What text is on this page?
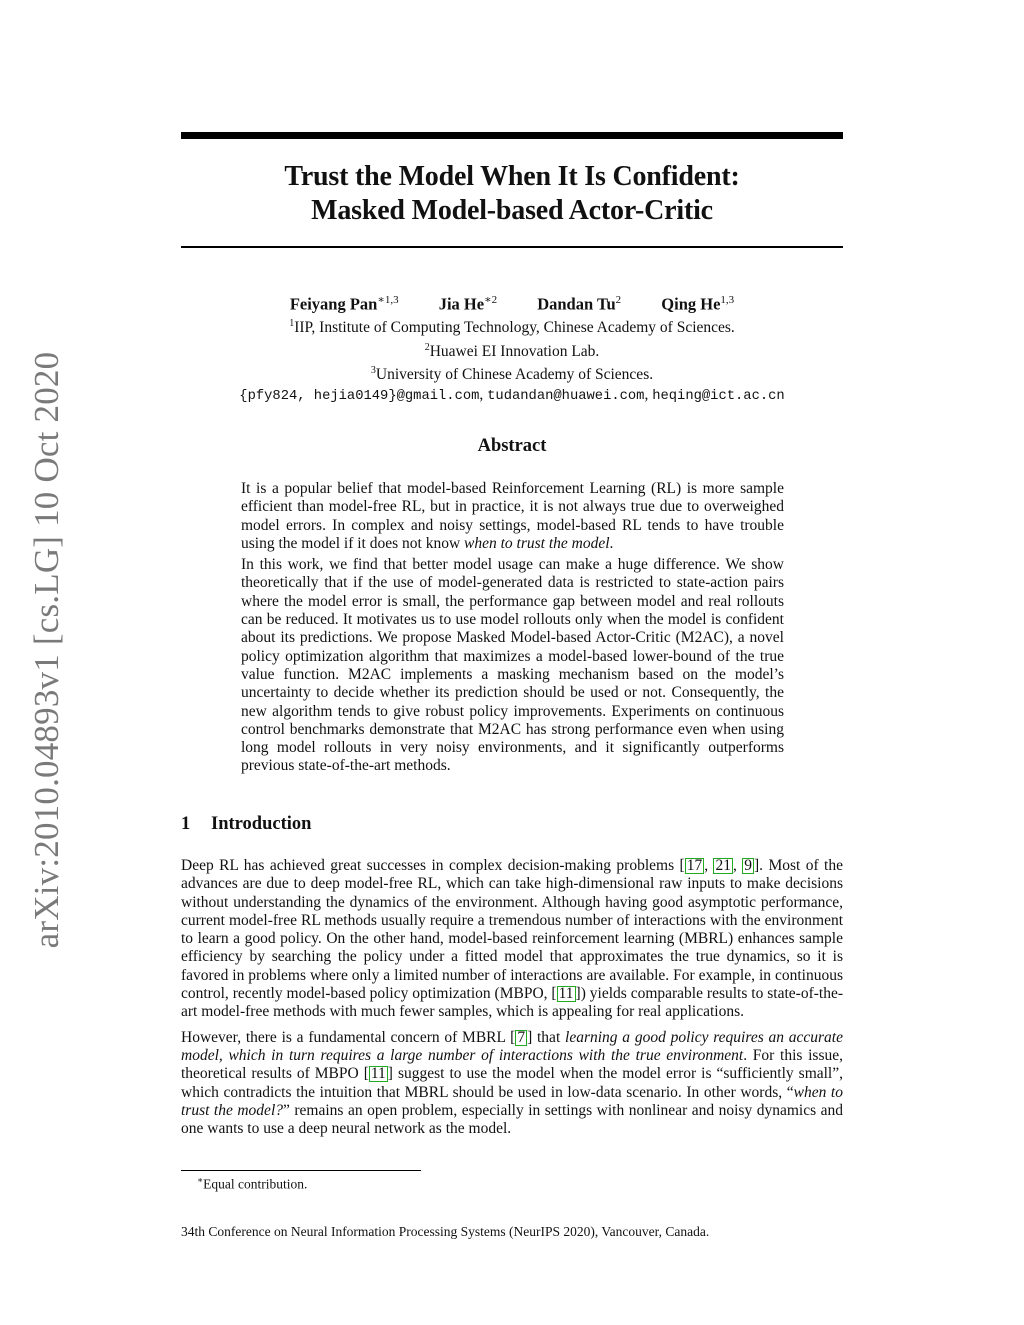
arXiv:2010.04893v1 [cs.LG] 10 Oct 2020
Trust the Model When It Is Confident:
Masked Model-based Actor-Critic
Feiyang Pan$^{∗1,3}$ Jia $He^{∗2}$ Dandan Tu$^2$ Qing He$^{1,3}$
$^1$IIP, Institute of Computing Technology, Chinese Academy of Sciences.
$^2$Huawei EI Innovation Lab.
$^3$University of Chinese Academy of Sciences.
{pfy824, hejia0149}@gmail.com, tudandan@huawei.com, heqing@ict.ac.cn
Abstract

It is a popular belief that model-based Reinforcement Learning (RL) is more sample efficient than model-free RL, but in practice, it is not always true due to overweighed model errors. In complex and noisy settings, model-based RL tends to have trouble using the model if it does not know when to trust the model.

In this work, we find that better model usage can make a huge difference. We show theoretically that if the use of model-generated data is restricted to state-action pairs where the model error is small, the performance gap between model and real rollouts can be reduced. It motivates us to use model rollouts only when the model is confident about its predictions. We propose Masked Model-based Actor-Critic (M2AC), a novel policy optimization algorithm that maximizes a model-based lower-bound of the true value function. M2AC implements a masking mechanism based on the model’s uncertainty to decide whether its prediction should be used or not. Consequently, the new algorithm tends to give robust policy improvements. Experiments on continuous control benchmarks demonstrate that M2AC has strong performance even when using long model rollouts in very noisy environments, and it significantly outperforms previous state-of-the-art methods.

1 Introduction

Deep RL has achieved great successes in complex decision-making problems [ 17 , 21 , 9 ]. Most of the advances are due to deep model-free RL, which can take high-dimensional raw inputs to make decisions without understanding the dynamics of the environment. Although having good asymptotic performance, current model-free RL methods usually require a tremendous number of interactions with the environment to learn a good policy. On the other hand, model-based reinforcement learning (MBRL) enhances sample efficiency by searching the policy under a fitted model that approximates the true dynamics, so it is favored in problems where only a limited number of interactions are available. For example, in continuous control, recently model-based policy optimization (MBPO, [ 11 ]) yields comparable results to state-of-the-art model-free methods with much fewer samples, which is appealing for real applications.

However, there is a fundamental concern of MBRL [ 7 ] that learning a good policy requires an accurate model, which in turn requires a large number of interactions with the true environment. For this issue, theoretical results of MBPO [ 11 ] suggest to use the model when the model error is “sufficiently small”, which contradicts the intuition that MBRL should be used in low-data scenario. In other words, “when to trust the model?” remains an open problem, especially in settings with nonlinear and noisy dynamics and one wants to use a deep neural network as the model.

∗Equal contribution.
34th Conference on Neural Information Processing Systems (NeurIPS 2020), Vancouver, Canada.
